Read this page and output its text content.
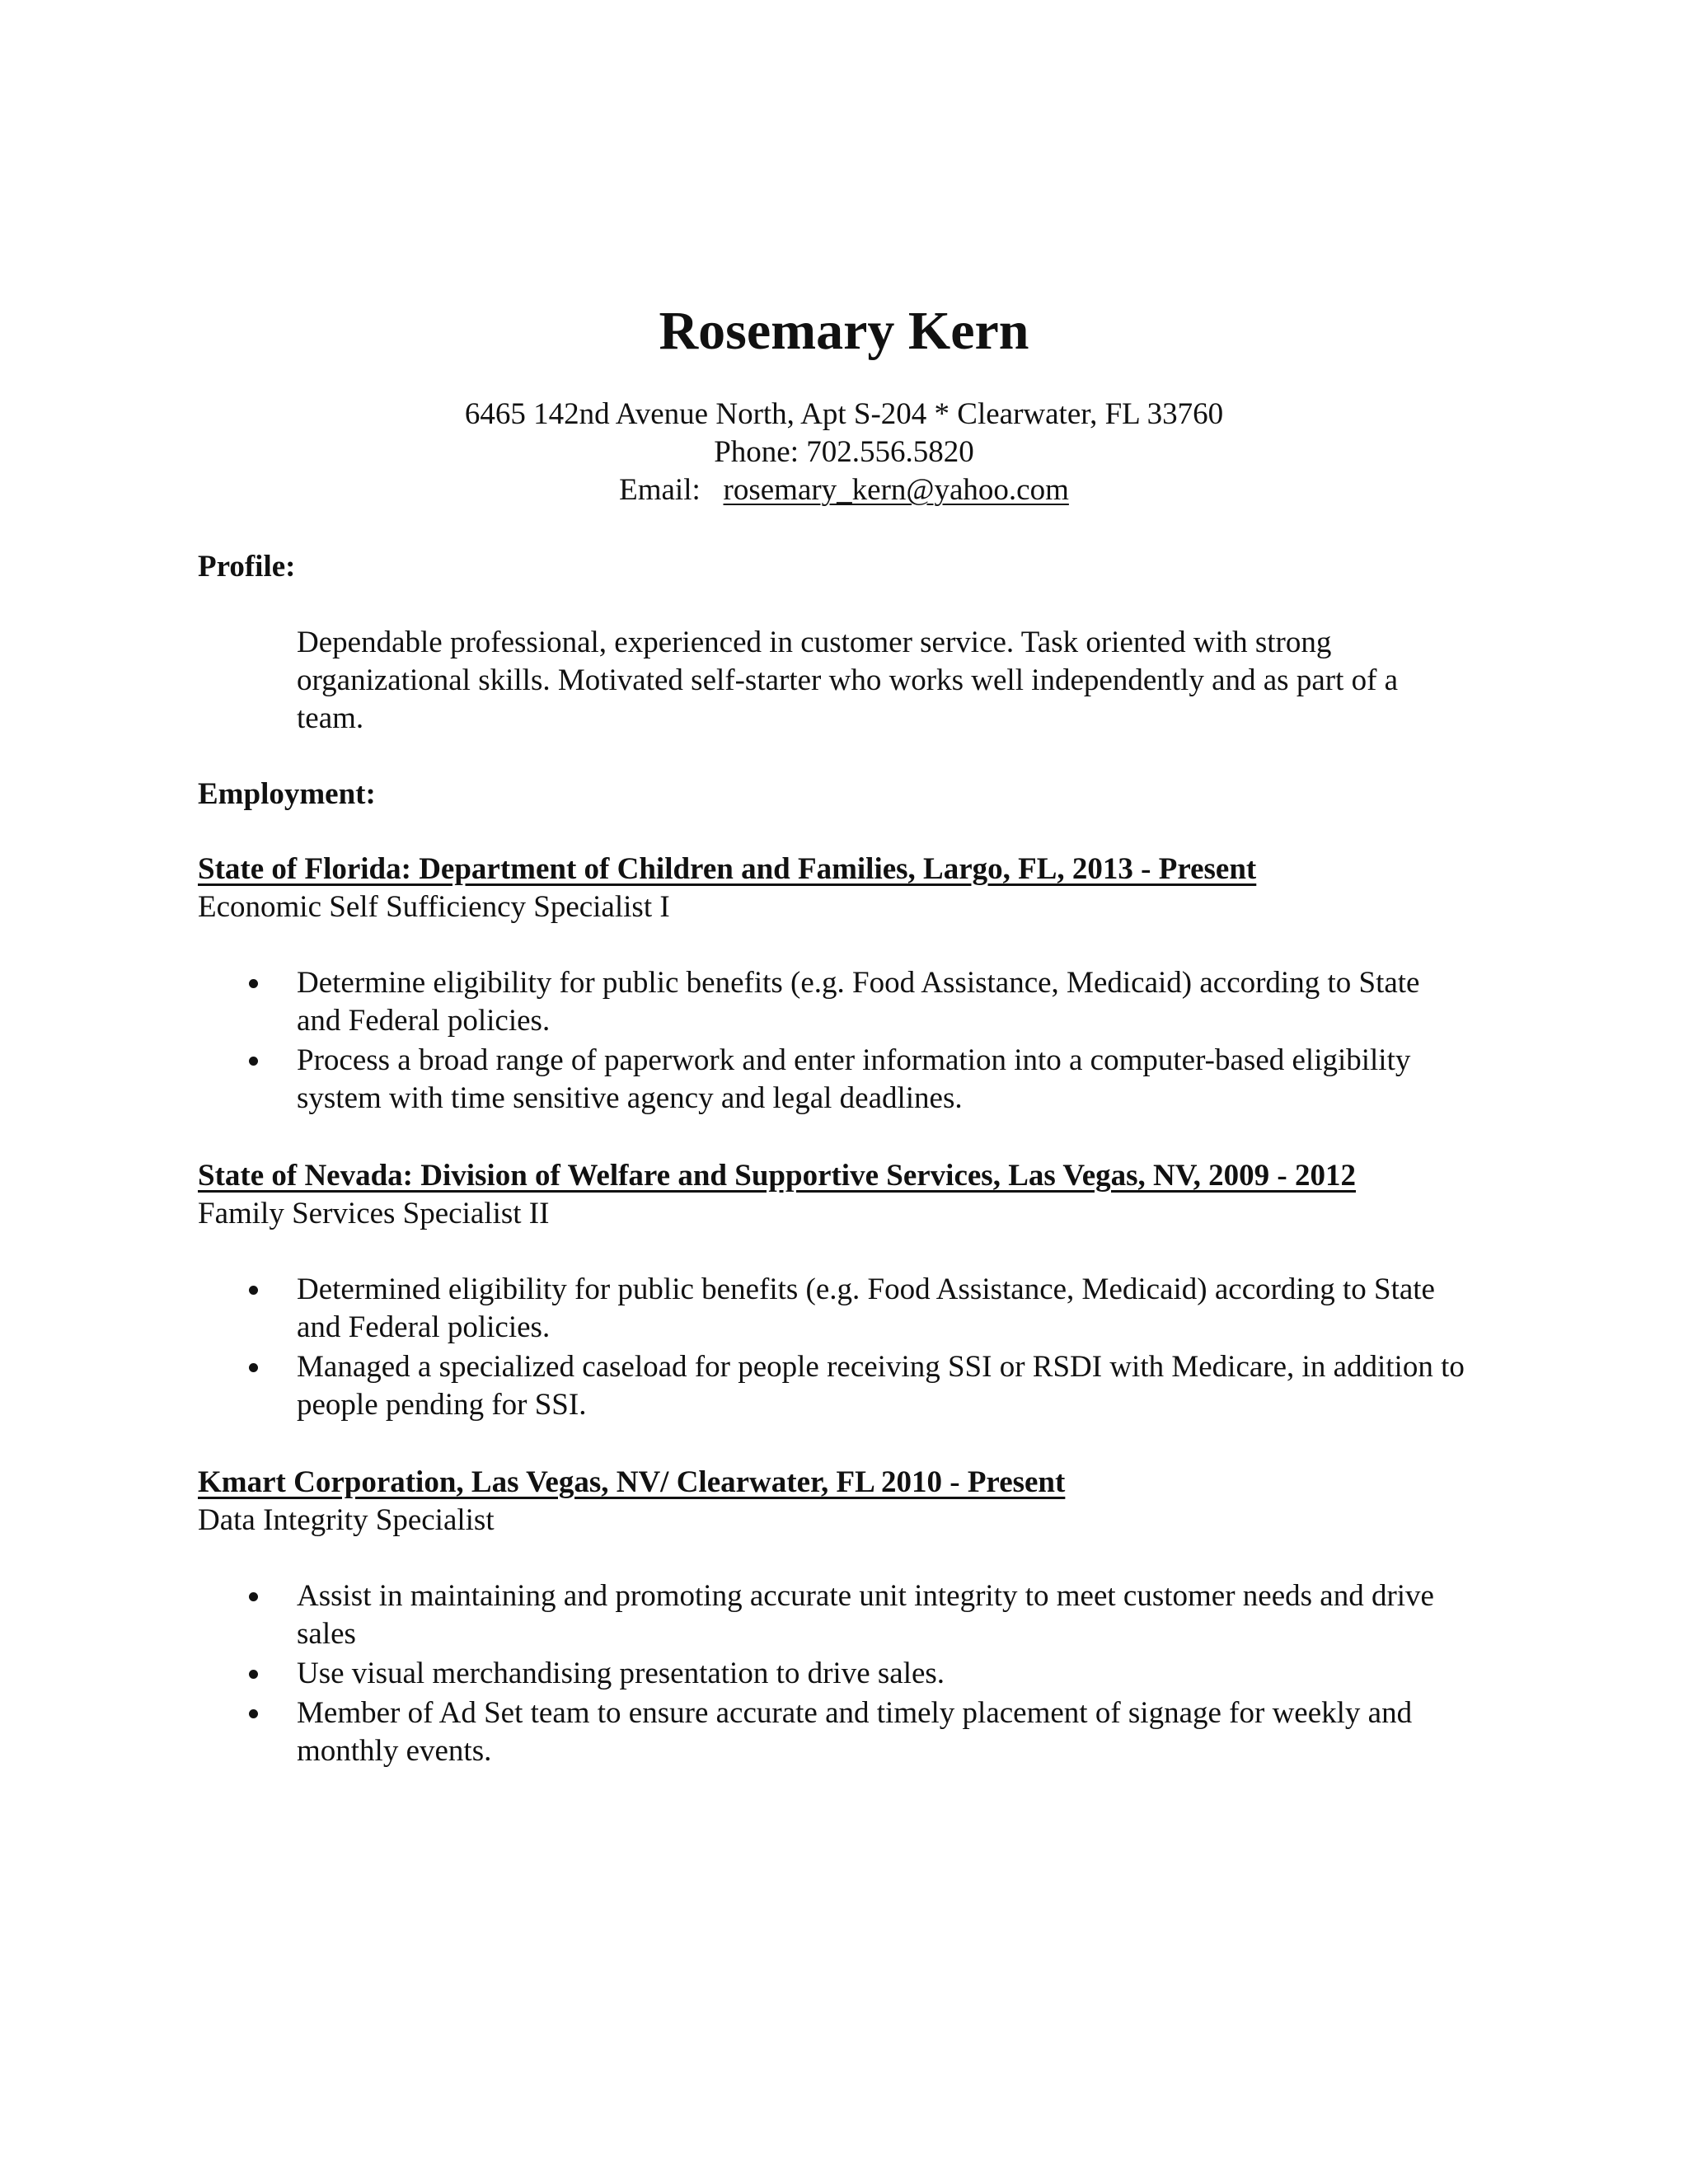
Rosemary Kern
6465 142nd Avenue North, Apt S-204 * Clearwater, FL 33760
Phone: 702.556.5820
Email: rosemary_kern@yahoo.com
Profile:
Dependable professional, experienced in customer service. Task oriented with strong organizational skills. Motivated self-starter who works well independently and as part of a team.
Employment:
State of Florida: Department of Children and Families, Largo, FL, 2013 - Present
Economic Self Sufficiency Specialist I
Determine eligibility for public benefits (e.g. Food Assistance, Medicaid) according to State and Federal policies.
Process a broad range of paperwork and enter information into a computer-based eligibility system with time sensitive agency and legal deadlines.
State of Nevada: Division of Welfare and Supportive Services, Las Vegas, NV, 2009 - 2012
Family Services Specialist II
Determined eligibility for public benefits (e.g. Food Assistance, Medicaid) according to State and Federal policies.
Managed a specialized caseload for people receiving SSI or RSDI with Medicare, in addition to people pending for SSI.
Kmart Corporation, Las Vegas, NV/ Clearwater, FL 2010 - Present
Data Integrity Specialist
Assist in maintaining and promoting accurate unit integrity to meet customer needs and drive sales
Use visual merchandising presentation to drive sales.
Member of Ad Set team to ensure accurate and timely placement of signage for weekly and monthly events.
